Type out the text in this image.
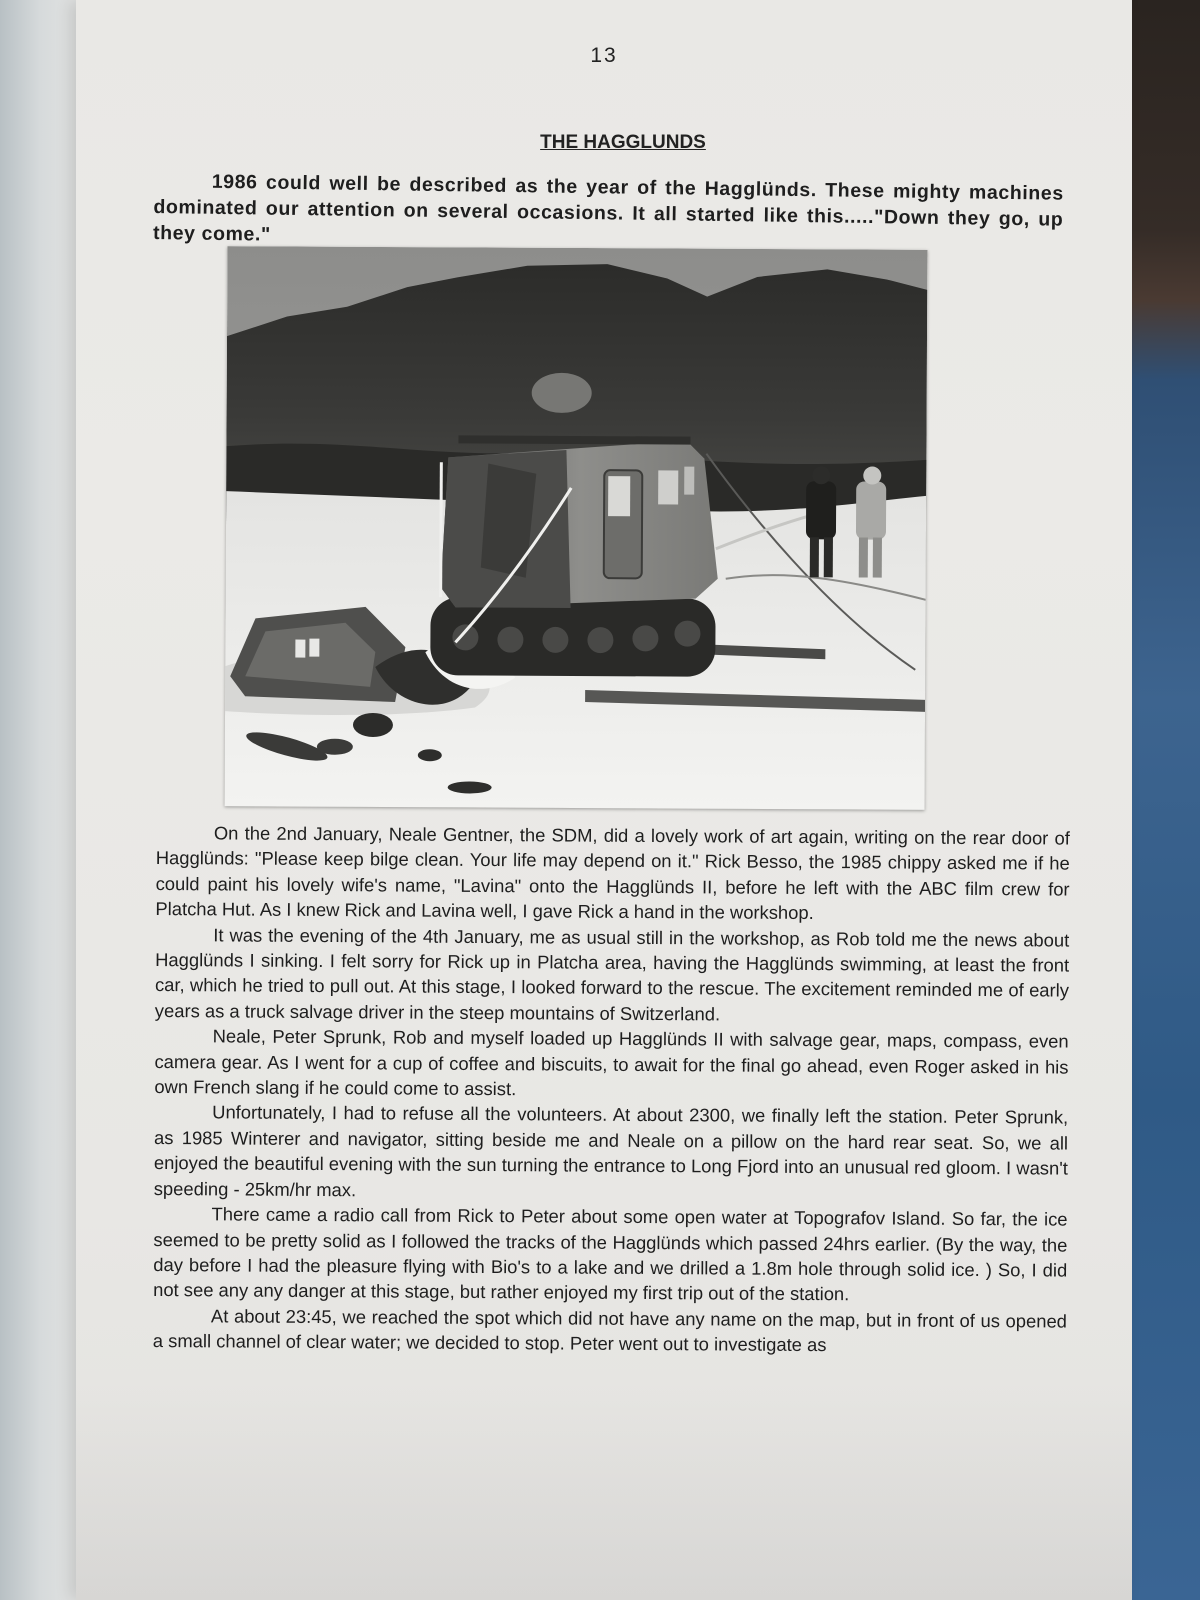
13
THE HAGGLUNDS
1986 could well be described as the year of the Hagglünds. These mighty machines dominated our attention on several occasions. It all started like this....."Down they go, up they come."

On the 2nd January, Neale Gentner, the SDM, did a lovely work of art again, writing on the rear door of Hagglünds: "Please keep bilge clean. Your life may depend on it." Rick Besso, the 1985 chippy asked me if he could paint his lovely wife's name, "Lavina" onto the Hagglünds II, before he left with the ABC film crew for Platcha Hut. As I knew Rick and Lavina well, I gave Rick a hand in the workshop.

It was the evening of the 4th January, me as usual still in the workshop, as Rob told me the news about Hagglünds I sinking. I felt sorry for Rick up in Platcha area, having the Hagglünds swimming, at least the front car, which he tried to pull out. At this stage, I looked forward to the rescue. The excitement reminded me of early years as a truck salvage driver in the steep mountains of Switzerland.

Neale, Peter Sprunk, Rob and myself loaded up Hagglünds II with salvage gear, maps, compass, even camera gear. As I went for a cup of coffee and biscuits, to await for the final go ahead, even Roger asked in his own French slang if he could come to assist.

Unfortunately, I had to refuse all the volunteers. At about 2300, we finally left the station. Peter Sprunk, as 1985 Winterer and navigator, sitting beside me and Neale on a pillow on the hard rear seat. So, we all enjoyed the beautiful evening with the sun turning the entrance to Long Fjord into an unusual red gloom. I wasn't speeding - 25km/hr max.

There came a radio call from Rick to Peter about some open water at Topografov Island. So far, the ice seemed to be pretty solid as I followed the tracks of the Hagglünds which passed 24hrs earlier. (By the way, the day before I had the pleasure flying with Bio's to a lake and we drilled a 1.8m hole through solid ice. ) So, I did not see any any danger at this stage, but rather enjoyed my first trip out of the station.

At about 23:45, we reached the spot which did not have any name on the map, but in front of us opened a small channel of clear water; we decided to stop. Peter went out to investigate as
